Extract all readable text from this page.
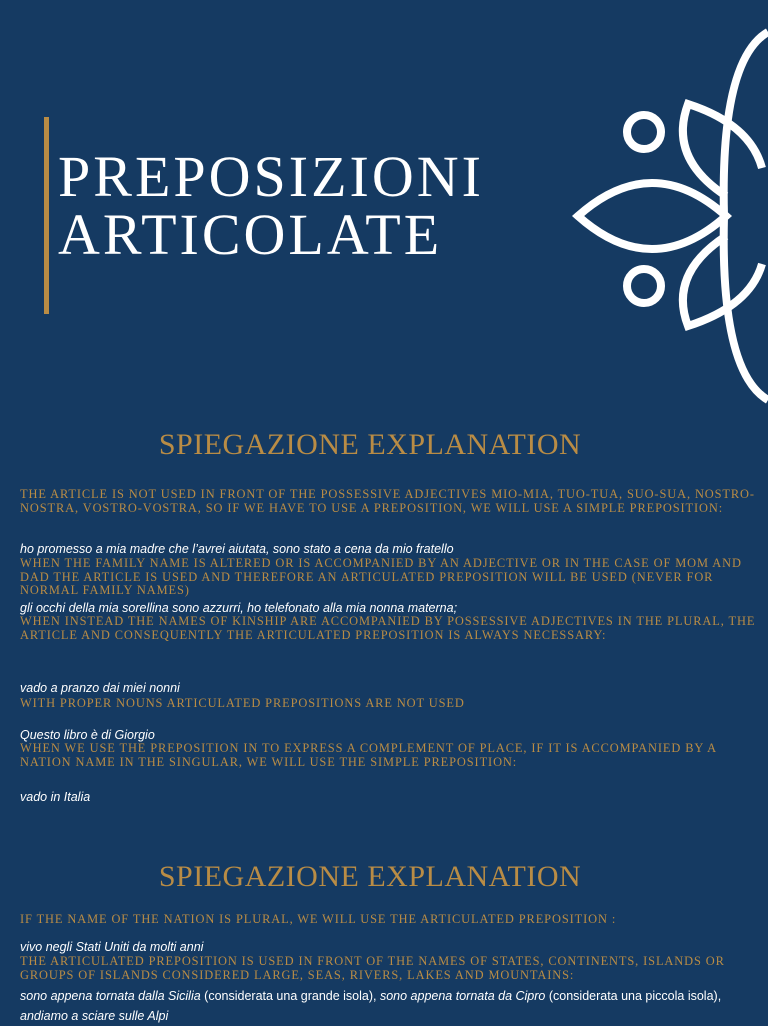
PREPOSIZIONI
ARTICOLATE
SPIEGAZIONE EXPLANATION

THE ARTICLE IS NOT USED IN FRONT OF THE POSSESSIVE ADJECTIVES MIO-MIA, TUO-TUA, SUO-SUA, NOSTRO-NOSTRA, VOSTRO-VOSTRA, SO IF WE HAVE TO USE A PREPOSITION, WE WILL USE A SIMPLE PREPOSITION:

ho promesso a mia madre che l’avrei aiutata, sono stato a cena da mio fratello

WHEN THE FAMILY NAME IS ALTERED OR IS ACCOMPANIED BY AN ADJECTIVE OR IN THE CASE OF MOM AND DAD THE ARTICLE IS USED AND THEREFORE AN ARTICULATED PREPOSITION WILL BE USED (NEVER FOR NORMAL FAMILY NAMES)

gli occhi della mia sorellina sono azzurri, ho telefonato alla mia nonna materna;

WHEN INSTEAD THE NAMES OF KINSHIP ARE ACCOMPANIED BY POSSESSIVE ADJECTIVES IN THE PLURAL, THE ARTICLE AND CONSEQUENTLY THE ARTICULATED PREPOSITION IS ALWAYS NECESSARY:

vado a pranzo dai miei nonni

WITH PROPER NOUNS ARTICULATED PREPOSITIONS ARE NOT USED

Questo libro è di Giorgio

WHEN WE USE THE PREPOSITION IN TO EXPRESS A COMPLEMENT OF PLACE, IF IT IS ACCOMPANIED BY A NATION NAME IN THE SINGULAR, WE WILL USE THE SIMPLE PREPOSITION:

vado in Italia

SPIEGAZIONE EXPLANATION

IF THE NAME OF THE NATION IS PLURAL, WE WILL USE THE ARTICULATED PREPOSITION :

vivo negli Stati Uniti da molti anni

THE ARTICULATED PREPOSITION IS USED IN FRONT OF THE NAMES OF STATES, CONTINENTS, ISLANDS OR GROUPS OF ISLANDS CONSIDERED LARGE, SEAS, RIVERS, LAKES AND MOUNTAINS:

sono appena tornata dalla Sicilia (considerata una grande isola), sono appena tornata da Cipro (considerata una piccola isola), andiamo a sciare sulle Alpi
